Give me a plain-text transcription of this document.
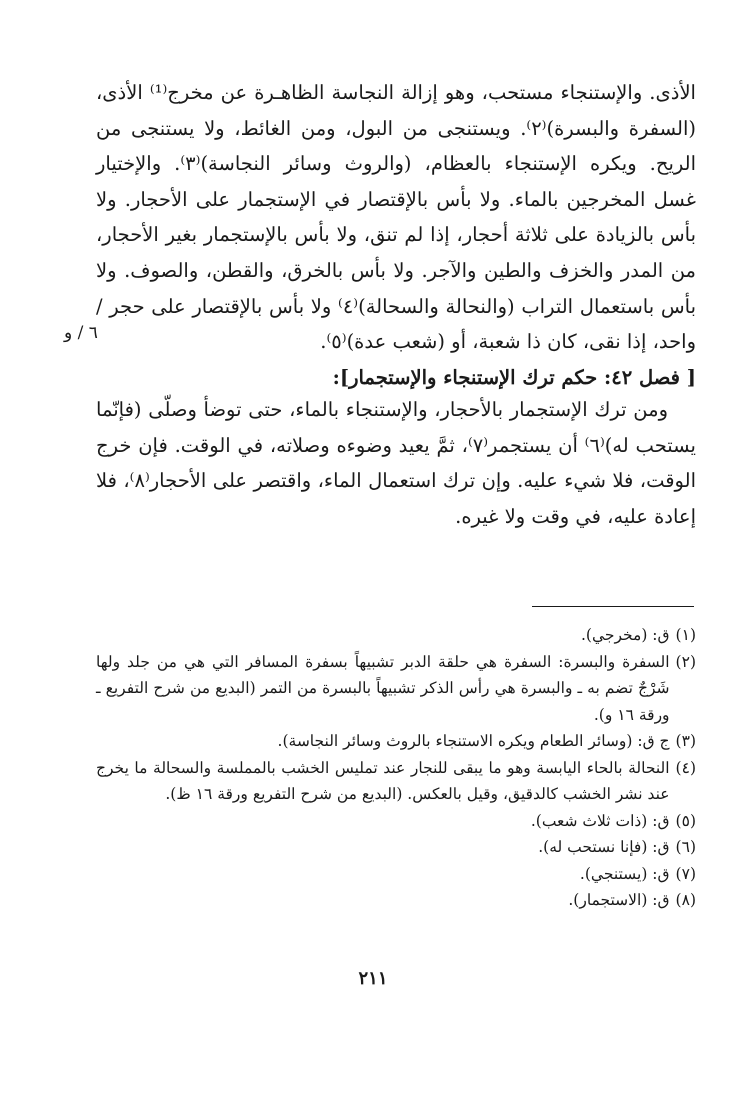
الأذى. والإستنجاء مستحب، وهو إزالة النجاسة الظاهـرة عن مخرج⁽¹⁾ الأذى، (السفرة والبسرة)⁽٢⁾. ويستنجى من البول، ومن الغائط، ولا يستنجى من الريح. ويكره الإستنجاء بالعظام، (والروث وسائر النجاسة)⁽٣⁾. والإختيار غسل المخرجين بالماء. ولا بأس بالإقتصار في الإستجمار على الأحجار. ولا بأس بالزيادة على ثلاثة أحجار، إذا لم تنق، ولا بأس بالإستجمار بغير الأحجار، من المدر والخزف والطين والآجر. ولا بأس بالخرق، والقطن، والصوف. ولا بأس باستعمال التراب (والنحالة والسحالة)⁽٤⁾ ولا بأس بالإقتصار على حجر / واحد، إذا نقى، كان ذا شعبة، أو (شعب عدة)⁽٥⁾.
٦ / و
[ فصل ٤٢: حكم ترك الإستنجاء والإستجمار]:
ومن ترك الإستجمار بالأحجار، والإستنجاء بالماء، حتى توضأ وصلّى (فإنّما يستحب له)⁽٦⁾ أن يستجمر⁽٧⁾، ثمَّ يعيد وضوءه وصلاته، في الوقت. فإن خرج الوقت، فلا شيء عليه. وإن ترك استعمال الماء، واقتصر على الأحجار⁽٨⁾، فلا إعادة عليه، في وقت ولا غيره.
(١)
ق: (مخرجي).
(٢)
السفرة والبسرة: السفرة هي حلقة الدبر تشبيهاً بسفرة المسافر التي هي من جلد ولها شَرْجٌ تضم به ـ والبسرة هي رأس الذكر تشبيهاً بالبسرة من التمر (البديع من شرح التفريع ـ ورقة ١٦ و).
(٣)
ج ق: (وسائر الطعام ويكره الاستنجاء بالروث وسائر النجاسة).
(٤)
النحالة بالحاء اليابسة وهو ما يبقى للنجار عند تمليس الخشب بالمملسة والسحالة ما يخرج عند نشر الخشب كالدقيق، وقيل بالعكس. (البديع من شرح التفريع ورقة ١٦ ظ).
(٥)
ق: (ذات ثلاث شعب).
(٦)
ق: (فإنا نستحب له).
(٧)
ق: (يستنجي).
(٨)
ق: (الاستجمار).
٢١١
